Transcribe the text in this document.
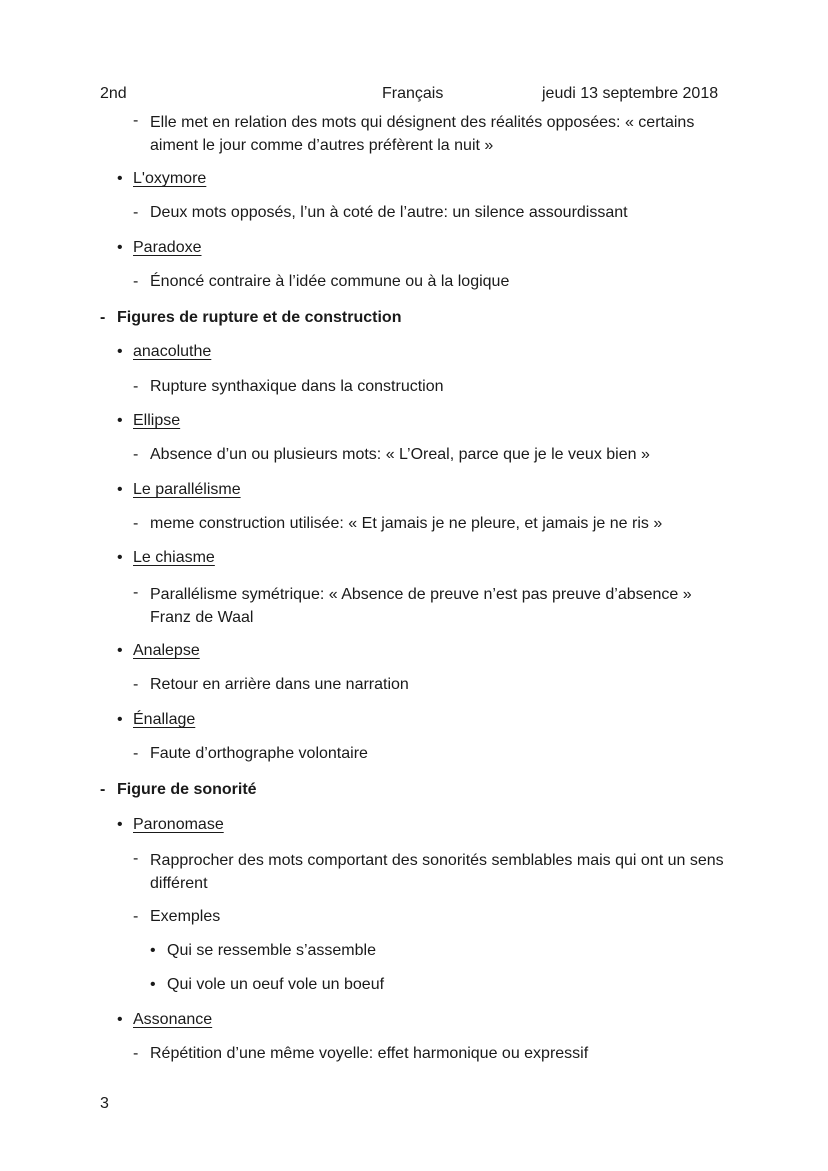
2nd	Français	jeudi 13 septembre 2018
- Elle met en relation des mots qui désignent des réalités opposées: « certains aiment le jour comme d’autres préfèrent la nuit »
• L'oxymore
- Deux mots opposés, l’un à coté de l’autre: un silence assourdissant
• Paradoxe
- Énoncé contraire à l’idée commune ou à la logique
- Figures de rupture et de construction
• anacoluthe
- Rupture synthaxique dans la construction
• Ellipse
- Absence d’un ou plusieurs mots: « L’Oreal, parce que je le veux bien »
• Le parallélisme
- meme construction utilisée: « Et jamais je ne pleure, et jamais je ne ris »
• Le chiasme
- Parallélisme symétrique: « Absence de preuve n’est pas preuve d’absence » Franz de Waal
• Analepse
- Retour en arrière dans une narration
• Énallage
- Faute d’orthographe volontaire
- Figure de sonorité
• Paronomase
- Rapprocher des mots comportant des sonorités semblables mais qui ont un sens différent
- Exemples
• Qui se ressemble s’assemble
• Qui vole un oeuf vole un boeuf
• Assonance
- Répétition d’une même voyelle: effet harmonique ou expressif
3
